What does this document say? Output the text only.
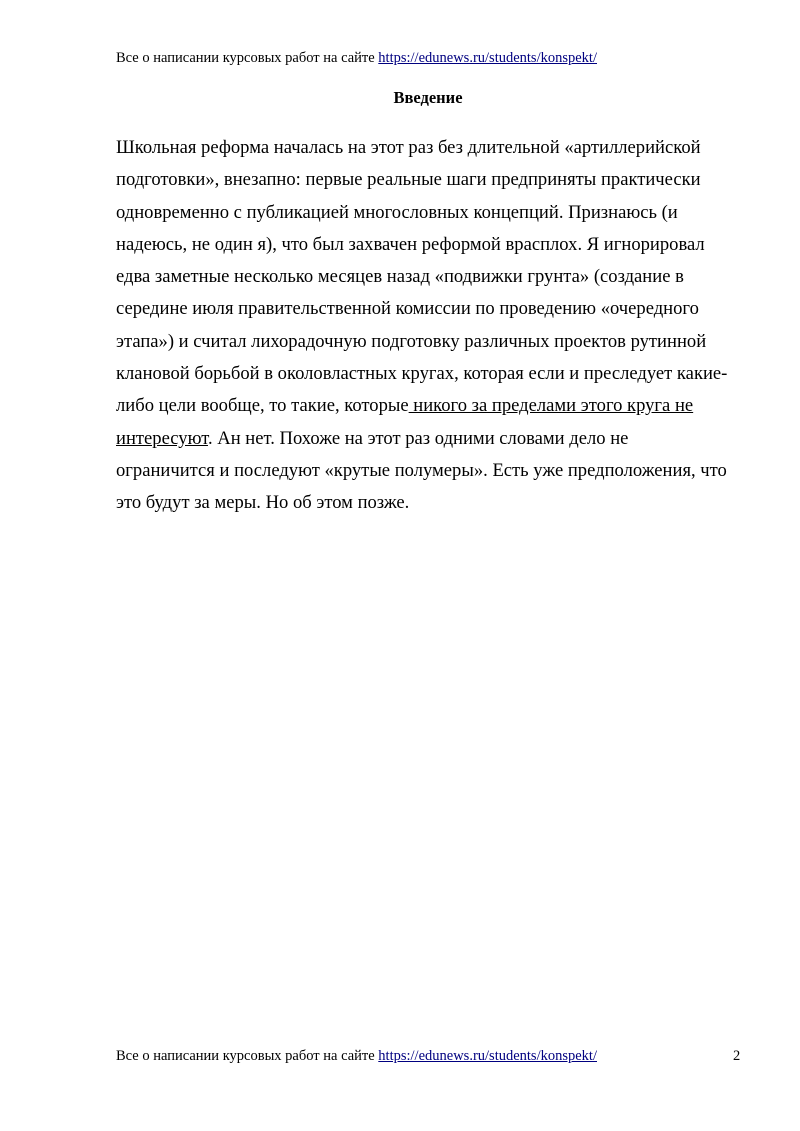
Все о написании курсовых работ на сайте https://edunews.ru/students/konspekt/
Введение
Школьная реформа началась на этот раз без длительной «артиллерийской
подготовки», внезапно: первые реальные шаги предприняты практически
одновременно с публикацией многословных концепций. Признаюсь (и
надеюсь, не один я), что был захвачен реформой врасплох. Я игнорировал
едва заметные несколько месяцев назад «подвижки грунта» (создание в
середине июля правительственной комиссии по проведению «очередного
этапа») и считал лихорадочную подготовку различных проектов рутинной
клановой борьбой в околовластных кругах, которая если и преследует какие-
либо цели вообще, то такие, которые никого за пределами этого круга не
интересуют. Ан нет. Похоже на этот раз одними словами дело не
ограничится и последуют «крутые полумеры». Есть уже предположения, что
это будут за меры. Но об этом позже.
Все о написании курсовых работ на сайте https://edunews.ru/students/konspekt/	2
